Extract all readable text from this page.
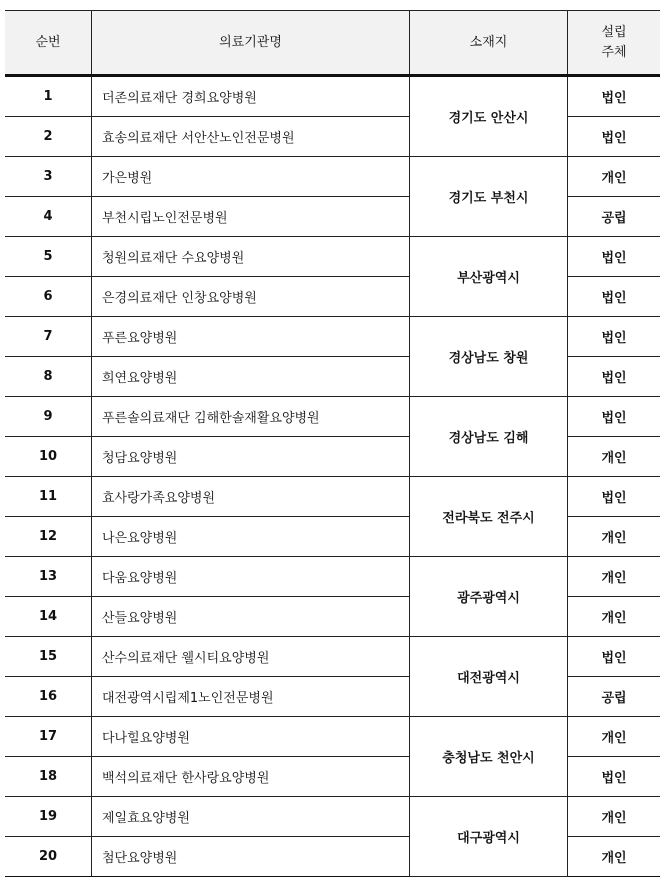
순번	의료기관명	소재지	설립
주체
1	더존의료재단 경희요양병원	경기도 안산시	법인
2	효송의료재단 서안산노인전문병원		법인
3	가은병원	경기도 부천시	개인
4	부천시립노인전문병원		공립
5	청원의료재단 수요양병원	부산광역시	법인
6	은경의료재단 인창요양병원		법인
7	푸른요양병원	경상남도 창원	법인
8	희연요양병원		법인
9	푸른솔의료재단 김해한솔재활요양병원	경상남도 김해	법인
10	청담요양병원		개인
11	효사랑가족요양병원	전라북도 전주시	법인
12	나은요양병원		개인
13	다움요양병원	광주광역시	개인
14	산들요양병원		개인
15	산수의료재단 웰시티요양병원	대전광역시	법인
16	대전광역시립제1노인전문병원		공립
17	다나힐요양병원	충청남도 천안시	개인
18	백석의료재단 한사랑요양병원		법인
19	제일효요양병원	대구광역시	개인
20	첨단요양병원		개인
